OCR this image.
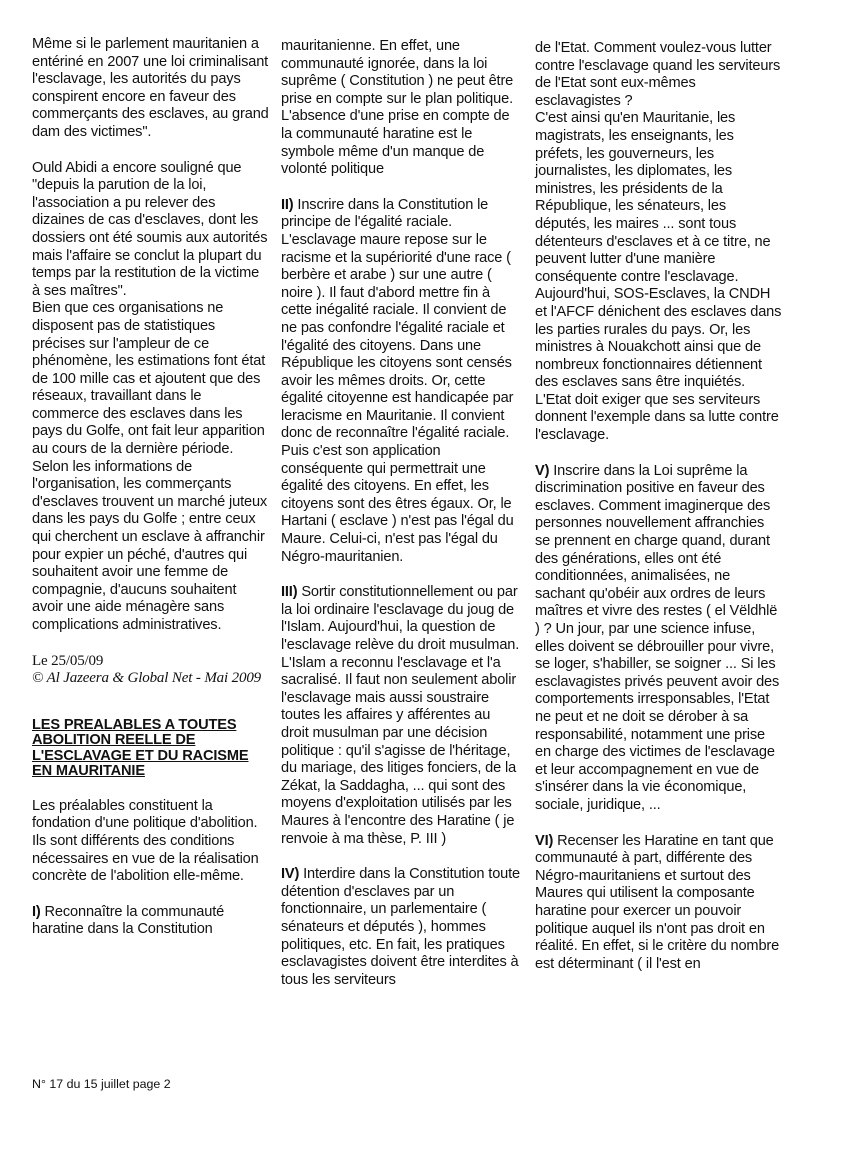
Même si le parlement mauritanien a entériné en 2007 une loi criminalisant l'esclavage, les autorités du pays conspirent encore en faveur des commerçants des esclaves, au grand dam des victimes".

Ould Abidi a encore souligné que "depuis la parution de la loi, l'association a pu relever des dizaines de cas d'esclaves, dont les dossiers ont été soumis aux autorités mais l'affaire se conclut la plupart du temps par la restitution de la victime à ses maîtres".

Bien que ces organisations ne disposent pas de statistiques précises sur l'ampleur de ce phénomène, les estimations font état de 100 mille cas et ajoutent que des réseaux, travaillant dans le commerce des esclaves dans les pays du Golfe, ont fait leur apparition au cours de la dernière période.

Selon les informations de l'organisation, les commerçants d'esclaves trouvent un marché juteux dans les pays du Golfe ; entre ceux qui cherchent un esclave à affranchir pour expier un péché, d'autres qui souhaitent avoir une femme de compagnie, d'aucuns souhaitent avoir une aide ménagère sans complications administratives.

Le 25/05/09

© Al Jazeera & Global Net - Mai 2009

LES PREALABLES A TOUTES ABOLITION REELLE DE L'ESCLAVAGE ET DU RACISME EN MAURITANIE

Les préalables constituent la fondation d'une politique d'abolition. Ils sont différents des conditions nécessaires en vue de la réalisation concrète de l'abolition elle-même.

I) Reconnaître la communauté haratine dans la Constitution

mauritanienne. En effet, une communauté ignorée, dans la loi suprême ( Constitution ) ne peut être prise en compte sur le plan politique. L'absence d'une prise en compte de la communauté haratine est le symbole même d'un manque de volonté politique

II) Inscrire dans la Constitution le principe de l'égalité raciale. L'esclavage maure repose sur le racisme et la supériorité d'une race ( berbère et arabe ) sur une autre ( noire ). Il faut d'abord mettre fin à cette inégalité raciale. Il convient de ne pas confondre l'égalité raciale et l'égalité des citoyens. Dans une République les citoyens sont censés avoir les mêmes droits. Or, cette égalité citoyenne est handicapée par leracisme en Mauritanie. Il convient donc de reconnaître l'égalité raciale. Puis c'est son application conséquente qui permettrait une égalité des citoyens. En effet, les citoyens sont des êtres égaux. Or, le Hartani ( esclave ) n'est pas l'égal du Maure. Celui-ci, n'est pas l'égal du Négro-mauritanien.

III) Sortir constitutionnellement ou par la loi ordinaire l'esclavage du joug de l'Islam. Aujourd'hui, la question de l'esclavage relève du droit musulman. L'Islam a reconnu l'esclavage et l'a sacralisé. Il faut non seulement abolir l'esclavage mais aussi soustraire toutes les affaires y afférentes au droit musulman par une décision politique : qu'il s'agisse de l'héritage, du mariage, des litiges fonciers, de la Zékat, la Saddagha, ... qui sont des moyens d'exploitation utilisés par les Maures à l'encontre des Haratine ( je renvoie à ma thèse, P. III )

IV) Interdire dans la Constitution toute détention d'esclaves par un fonctionnaire, un parlementaire ( sénateurs et députés ), hommes politiques, etc. En fait, les pratiques esclavagistes doivent être interdites à tous les serviteurs

de l'Etat. Comment voulez-vous lutter contre l'esclavage quand les serviteurs de l'Etat sont eux-mêmes esclavagistes ?

C'est ainsi qu'en Mauritanie, les magistrats, les enseignants, les préfets, les gouverneurs, les journalistes, les diplomates, les ministres, les présidents de la République, les sénateurs, les députés, les maires ... sont tous détenteurs d'esclaves et à ce titre, ne peuvent lutter d'une manière conséquente contre l'esclavage. Aujourd'hui, SOS-Esclaves, la CNDH et l'AFCF dénichent des esclaves dans les parties rurales du pays. Or, les ministres à Nouakchott ainsi que de nombreux fonctionnaires détiennent des esclaves sans être inquiétés.

L'Etat doit exiger que ses serviteurs donnent l'exemple dans sa lutte contre l'esclavage.

V) Inscrire dans la Loi suprême la discrimination positive en faveur des esclaves. Comment imaginerque des personnes nouvellement affranchies se prennent en charge quand, durant des générations, elles ont été conditionnées, animalisées, ne sachant qu'obéir aux ordres de leurs maîtres et vivre des restes ( el Vëldhlë ) ? Un jour, par une science infuse, elles doivent se débrouiller pour vivre, se loger, s'habiller, se soigner ... Si les esclavagistes privés peuvent avoir des comportements irresponsables, l'Etat ne peut et ne doit se dérober à sa responsabilité, notamment une prise en charge des victimes de l'esclavage et leur accompagnement en vue de s'insérer dans la vie économique, sociale, juridique, ...

VI) Recenser les Haratine en tant que communauté à part, différente des Négro-mauritaniens et surtout des Maures qui utilisent la composante haratine pour exercer un pouvoir politique auquel ils n'ont pas droit en réalité. En effet, si le critère du nombre est déterminant ( il l'est en

N° 17 du 15 juillet page 2
